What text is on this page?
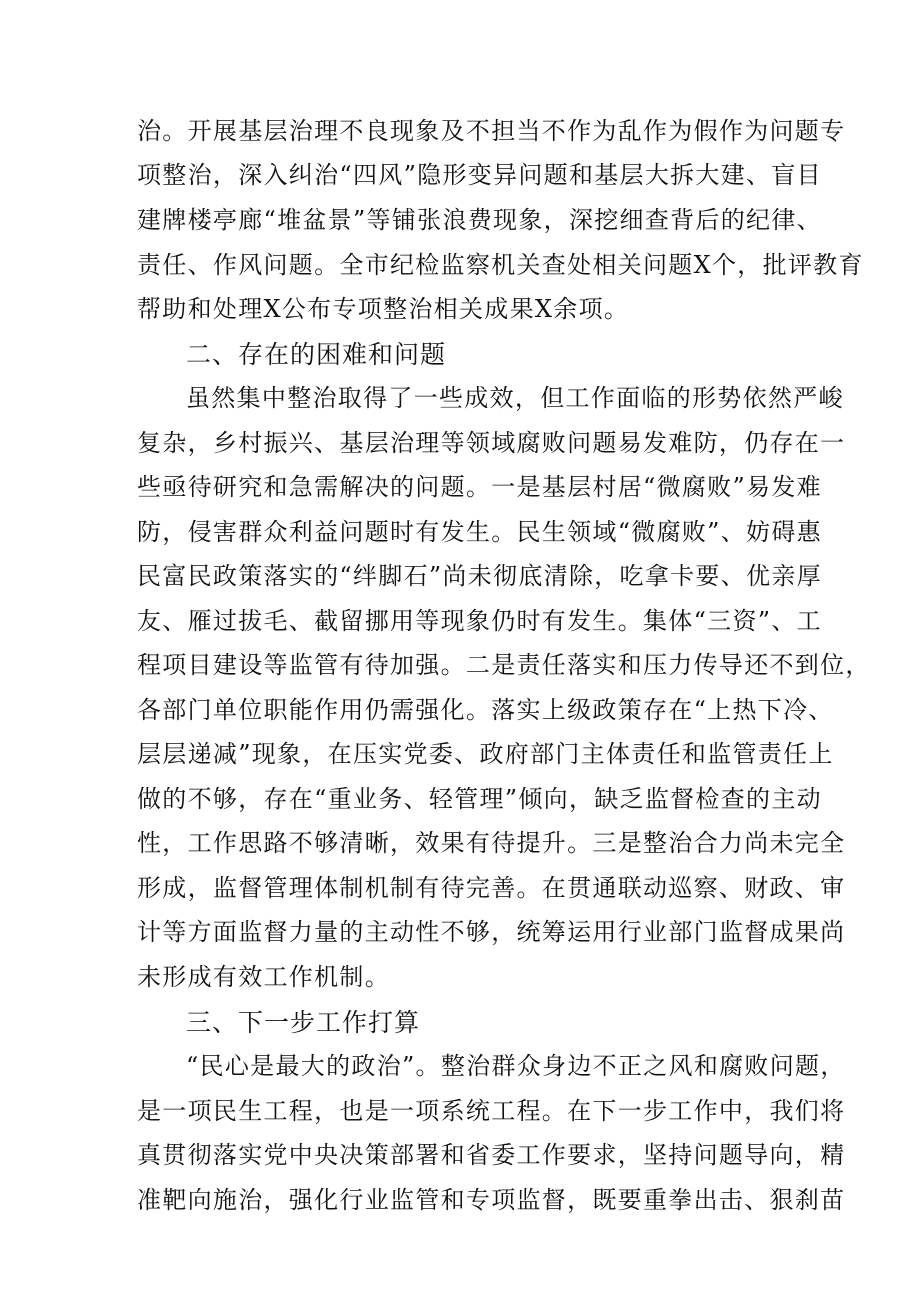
治。开展基层治理不良现象及不担当不作为乱作为假作为问题专
项整治，深入纠治“四风”隐形变异问题和基层大拆大建、盲目
建牌楼亭廊“堆盆景”等铺张浪费现象，深挖细查背后的纪律、
责任、作风问题。全市纪检监察机关查处相关问题X个，批评教育
帮助和处理X公布专项整治相关成果X余项。
二、存在的困难和问题
虽然集中整治取得了一些成效，但工作面临的形势依然严峻
复杂，乡村振兴、基层治理等领域腐败问题易发难防，仍存在一
些亟待研究和急需解决的问题。一是基层村居“微腐败”易发难
防，侵害群众利益问题时有发生。民生领域“微腐败”、妨碍惠
民富民政策落实的“绊脚石”尚未彻底清除，吃拿卡要、优亲厚
友、雁过拔毛、截留挪用等现象仍时有发生。集体“三资”、工
程项目建设等监管有待加强。二是责任落实和压力传导还不到位，
各部门单位职能作用仍需强化。落实上级政策存在“上热下冷、
层层递减”现象，在压实党委、政府部门主体责任和监管责任上
做的不够，存在“重业务、轻管理”倾向，缺乏监督检查的主动
性，工作思路不够清晰，效果有待提升。三是整治合力尚未完全
形成，监督管理体制机制有待完善。在贯通联动巡察、财政、审
计等方面监督力量的主动性不够，统筹运用行业部门监督成果尚
未形成有效工作机制。
三、下一步工作打算
“民心是最大的政治”。整治群众身边不正之风和腐败问题，
是一项民生工程，也是一项系统工程。在下一步工作中，我们将
真贯彻落实党中央决策部署和省委工作要求，坚持问题导向，精
准靶向施治，强化行业监管和专项监督，既要重拳出击、狠刹苗
